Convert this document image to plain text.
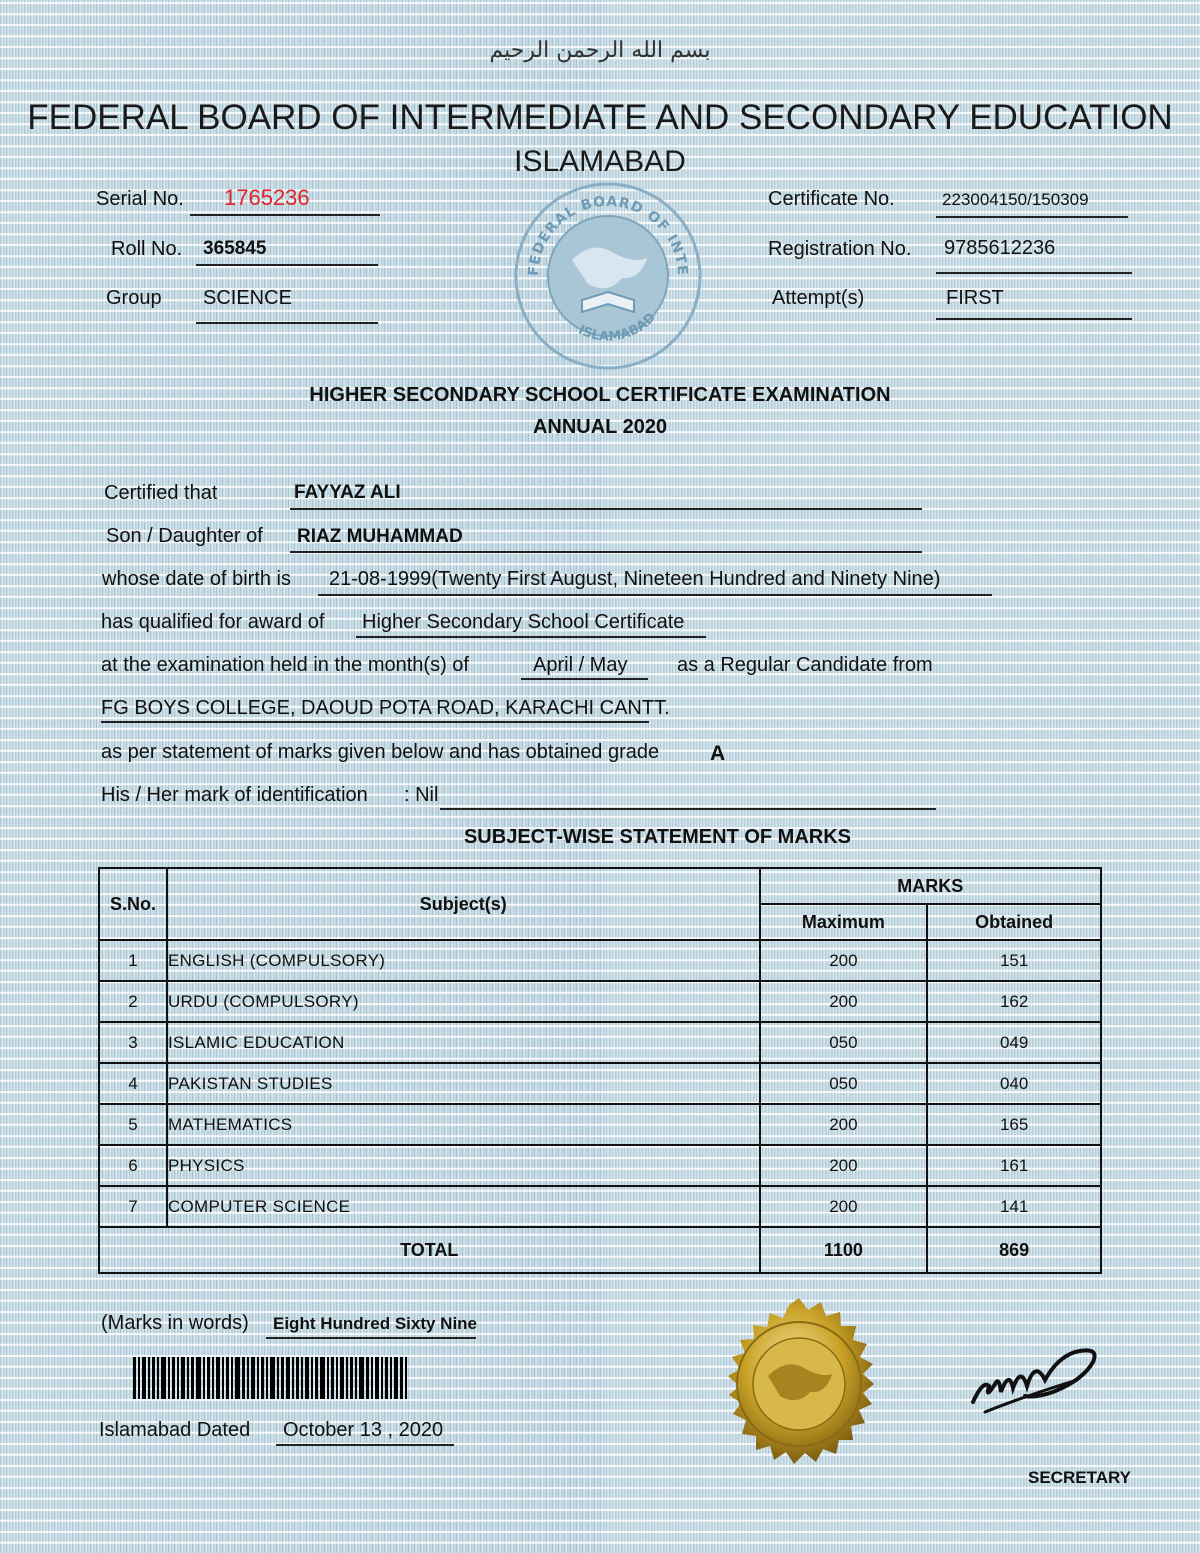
بسم الله الرحمن الرحيم
FEDERAL BOARD OF INTERMEDIATE AND SECONDARY EDUCATION
ISLAMABAD
FEDERAL BOARD OF INTE
ISLAMABAD
Serial No. 1765236
Roll No. 365845
Group SCIENCE
Certificate No.	223004150/150309
Registration No. 9785612236
Attempt(s)	FIRST
HIGHER SECONDARY SCHOOL CERTIFICATE EXAMINATION
ANNUAL 2020
Certified that	FAYYAZ ALI
Son / Daughter of RIAZ MUHAMMAD
whose date of birth is 21-08-1999(Twenty First August, Nineteen Hundred and Ninety Nine)
has qualified for award of Higher Secondary School Certificate
at the examination held in the month(s) of	April / May as a Regular Candidate from
FG BOYS COLLEGE, DAOUD POTA ROAD, KARACHI CANTT.
as per statement of marks given below and has obtained grade A
His / Her mark of identification : Nil
SUBJECT-WISE STATEMENT OF MARKS
S.No.	Subject(s)	MARKS	
		Maximum	Obtained
1	ENGLISH (COMPULSORY)	200	151
2	URDU (COMPULSORY)	200	162
3	ISLAMIC EDUCATION	050	049
4	PAKISTAN STUDIES	050	040
5	MATHEMATICS	200	165
6	PHYSICS	200	161
7	COMPUTER SCIENCE	200	141
TOTAL		1100	869
(Marks in words) Eight Hundred Sixty Nine
Islamabad Dated October 13 , 2020
SECRETARY
